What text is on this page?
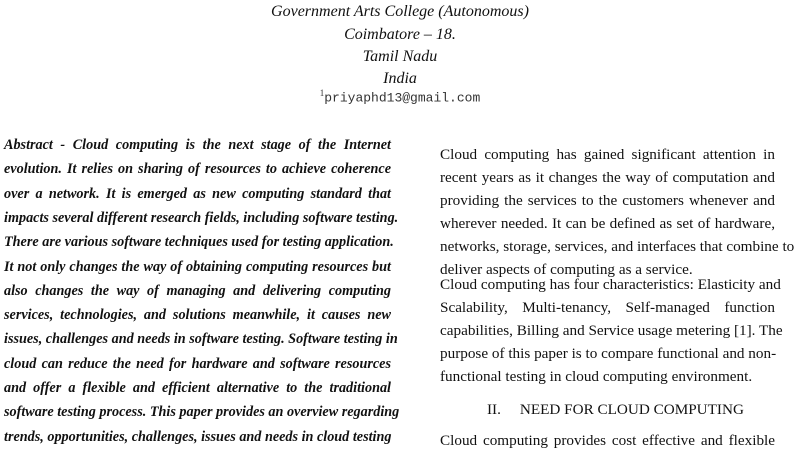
Government Arts College (Autonomous)
Coimbatore – 18.
Tamil Nadu
India
$^1$priyaphd13@gmail.com
Abstract - Cloud computing is the next stage of the Internet
evolution. It relies on sharing of resources to achieve coherence
over a network. It is emerged as new computing standard that
impacts several different research fields, including software testing.
There are various software techniques used for testing application.
It not only changes the way of obtaining computing resources but
also changes the way of managing and delivering computing
services, technologies, and solutions meanwhile, it causes new
issues, challenges and needs in software testing. Software testing in
cloud can reduce the need for hardware and software resources
and offer a flexible and efficient alternative to the traditional
software testing process. This paper provides an overview regarding
trends, opportunities, challenges, issues and needs in cloud testing
Cloud computing has gained significant attention in
recent years as it changes the way of computation and
providing the services to the customers whenever and
wherever needed. It can be defined as set of hardware,
networks, storage, services, and interfaces that combine to
deliver aspects of computing as a service.
Cloud computing has four characteristics: Elasticity and
Scalability, Multi-tenancy, Self-managed function
capabilities, Billing and Service usage metering [1]. The
purpose of this paper is to compare functional and non-
functional testing in cloud computing environment.
Cloud computing provides cost effective and flexible
II.     NEED FOR CLOUD COMPUTING
